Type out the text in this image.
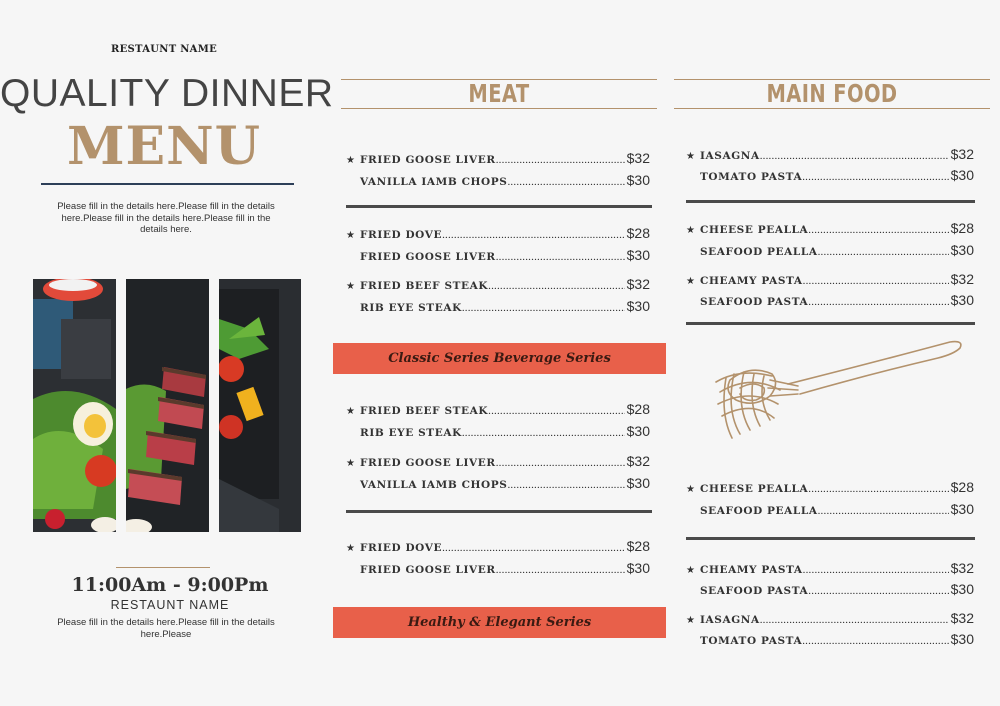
RESTAUNT NAME
QUALITY DINNER
MENU
Please fill in the details here.Please fill in the details here.Please fill in the details here.Please fill in the details here.
11:00Am - 9:00Pm
RESTAUNT NAME
Please fill in the details here.Please fill in the details here.Please
MEAT
★ FRIED GOOSE LIVER .....	$32
VANILLA IAMB CHOPS .....	$30
★ FRIED DOVE .....	$28
FRIED GOOSE LIVER .....	$30
★ FRIED BEEF STEAK .....	$32
RIB EYE STEAK .....	$30
Classic Series Beverage Series
★ FRIED BEEF STEAK .....	$28
RIB EYE STEAK .....	$30
★ FRIED GOOSE LIVER .....	$32
VANILLA IAMB CHOPS .....	$30
★ FRIED DOVE .....	$28
FRIED GOOSE LIVER .....	$30
Healthy & Elegant Series
MAIN FOOD
★ IASAGNA .....	$32
TOMATO PASTA .....	$30
★ CHEESE PEALLA .....	$28
SEAFOOD PEALLA .....	$30
★ CHEAMY PASTA .....	$32
SEAFOOD PASTA .....	$30
★ CHEESE PEALLA .....	$28
SEAFOOD PEALLA .....	$30
★ CHEAMY PASTA .....	$32
SEAFOOD PASTA .....	$30
★ IASAGNA .....	$32
TOMATO PASTA .....	$30
